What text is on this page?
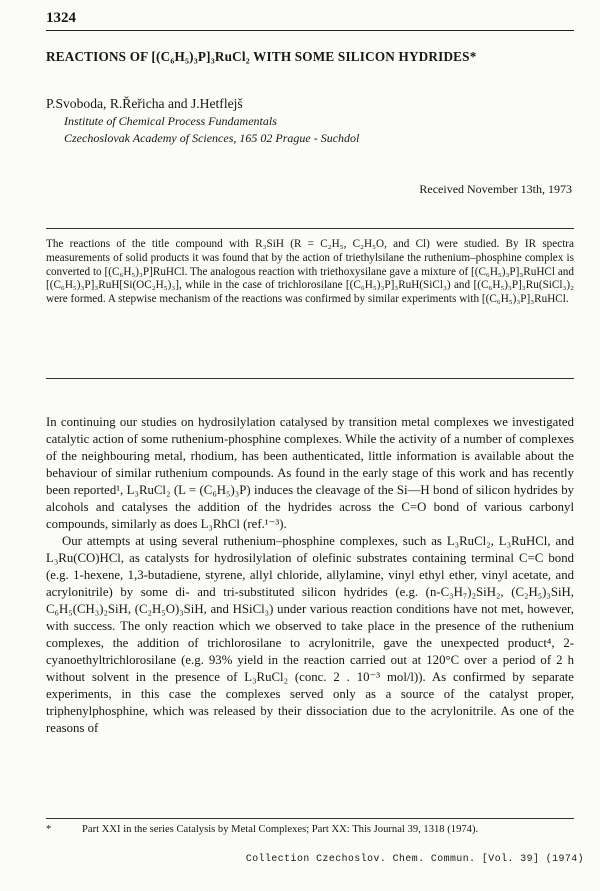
1324
REACTIONS OF [(C₆H₅)₃P]₃RuCl₂ WITH SOME SILICON HYDRIDES*
P.Svoboda, R.Řeřicha and J.Hetflejš
Institute of Chemical Process Fundamentals
Czechoslovak Academy of Sciences, 165 02 Prague - Suchdol
Received November 13th, 1973
The reactions of the title compound with R₃SiH (R = C₂H₅, C₂H₅O, and Cl) were studied. By IR spectra measurements of solid products it was found that by the action of triethylsilane the ruthenium–phosphine complex is converted to [(C₆H₅)₃P]RuHCl. The analogous reaction with triethoxysilane gave a mixture of [(C₆H₅)₃P]₃RuHCl and [(C₆H₅)₃P]₃RuH[Si(OC₂H₅)₃], while in the case of trichlorosilane [(C₆H₅)₃P]₃RuH(SiCl₃) and [(C₆H₅)₃P]₃Ru(SiCl₃)₂ were formed. A stepwise mechanism of the reactions was confirmed by similar experiments with [(C₆H₅)₃P]₃RuHCl.

In continuing our studies on hydrosilylation catalysed by transition metal complexes we investigated catalytic action of some ruthenium-phosphine complexes. While the activity of a number of complexes of the neighbouring metal, rhodium, has been authenticated, little information is available about the behaviour of similar ruthenium compounds. As found in the early stage of this work and has recently been reported¹, L₃RuCl₂ (L = (C₆H₅)₃P) induces the cleavage of the Si—H bond of silicon hydrides by alcohols and catalyses the addition of the hydrides across the C=O bond of various carbonyl compounds, similarly as does L₃RhCl (ref.¹⁻³).

Our attempts at using several ruthenium–phosphine complexes, such as L₃RuCl₂, L₃RuHCl, and L₃Ru(CO)HCl, as catalysts for hydrosilylation of olefinic substrates containing terminal C=C bond (e.g. 1-hexene, 1,3-butadiene, styrene, allyl chloride, allylamine, vinyl ethyl ether, vinyl acetate, and acrylonitrile) by some di- and tri-substituted silicon hydrides (e.g. (n-C₃H₇)₂SiH₂, (C₂H₅)₃SiH, C₆H₅(CH₃)₂SiH, (C₂H₅O)₃SiH, and HSiCl₃) under various reaction conditions have not met, however, with success. The only reaction which we observed to take place in the presence of the ruthenium complexes, the addition of trichlorosilane to acrylonitrile, gave the unexpected product⁴, 2-cyanoethyltrichlorosilane (e.g. 93% yield in the reaction carried out at 120°C over a period of 2 h without solvent in the presence of L₃RuCl₂ (conc. 2 . 10⁻³ mol/l)). As confirmed by separate experiments, in this case the complexes served only as a source of the catalyst proper, triphenylphosphine, which was released by their dissociation due to the acrylonitrile. As one of the reasons of

*	Part XXI in the series Catalysis by Metal Complexes; Part XX: This Journal 39, 1318 (1974).
Collection Czechoslov. Chem. Commun. [Vol. 39] (1974)
